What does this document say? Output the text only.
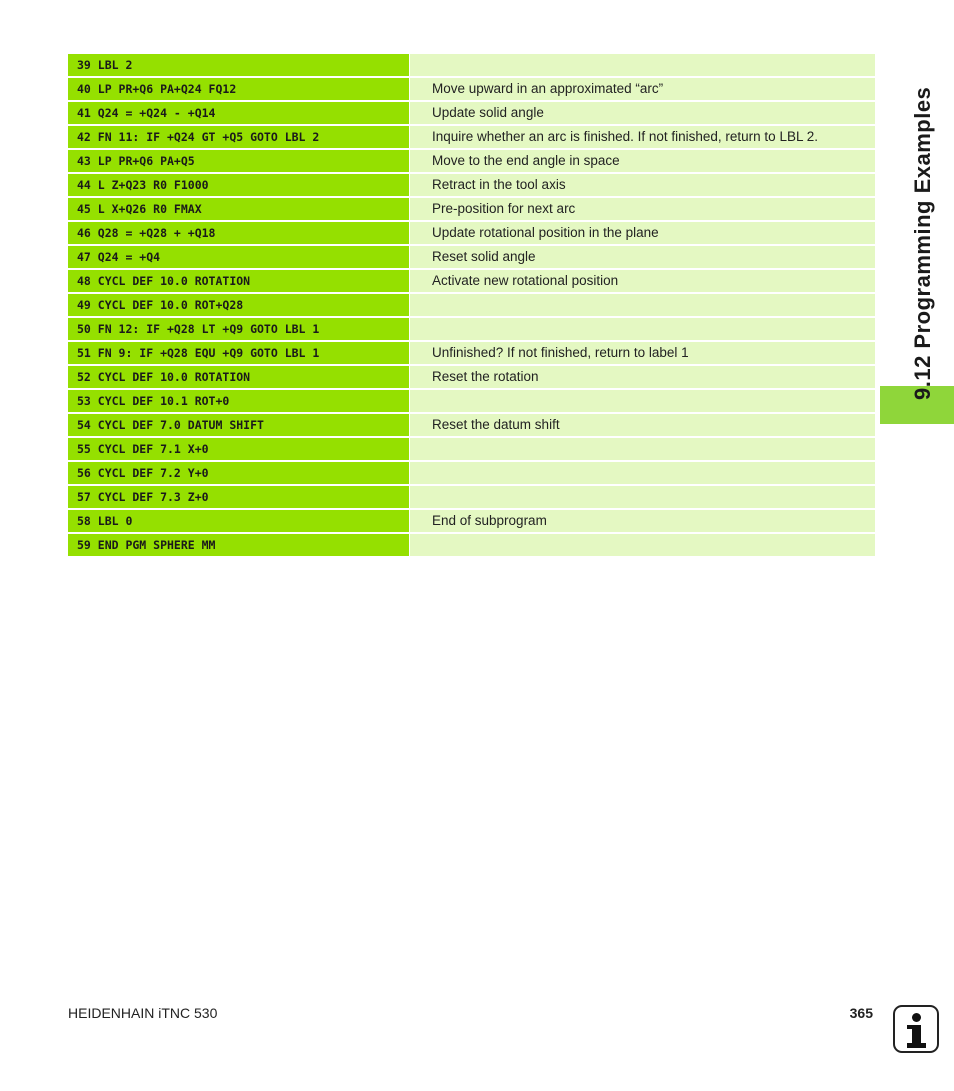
39 LBL 2
40 LP PR+Q6 PA+Q24 FQ12	Move upward in an approximated “arc”
41 Q24 = +Q24 - +Q14	Update solid angle
42 FN 11: IF +Q24 GT +Q5 GOTO LBL 2	Inquire whether an arc is finished. If not finished, return to LBL 2.
43 LP PR+Q6 PA+Q5	Move to the end angle in space
44 L Z+Q23 R0 F1000	Retract in the tool axis
45 L X+Q26 R0 FMAX	Pre-position for next arc
46 Q28 = +Q28 + +Q18	Update rotational position in the plane
47 Q24 = +Q4	Reset solid angle
48 CYCL DEF 10.0 ROTATION	Activate new rotational position
49 CYCL DEF 10.0 ROT+Q28
50 FN 12: IF +Q28 LT +Q9 GOTO LBL 1
51 FN 9: IF +Q28 EQU +Q9 GOTO LBL 1	Unfinished? If not finished, return to label 1
52 CYCL DEF 10.0 ROTATION	Reset the rotation
53 CYCL DEF 10.1 ROT+0
54 CYCL DEF 7.0 DATUM SHIFT	Reset the datum shift
55 CYCL DEF 7.1 X+0
56 CYCL DEF 7.2 Y+0
57 CYCL DEF 7.3 Z+0
58 LBL 0	End of subprogram
59 END PGM SPHERE MM
9.12 Programming Examples
HEIDENHAIN iTNC 530	365
